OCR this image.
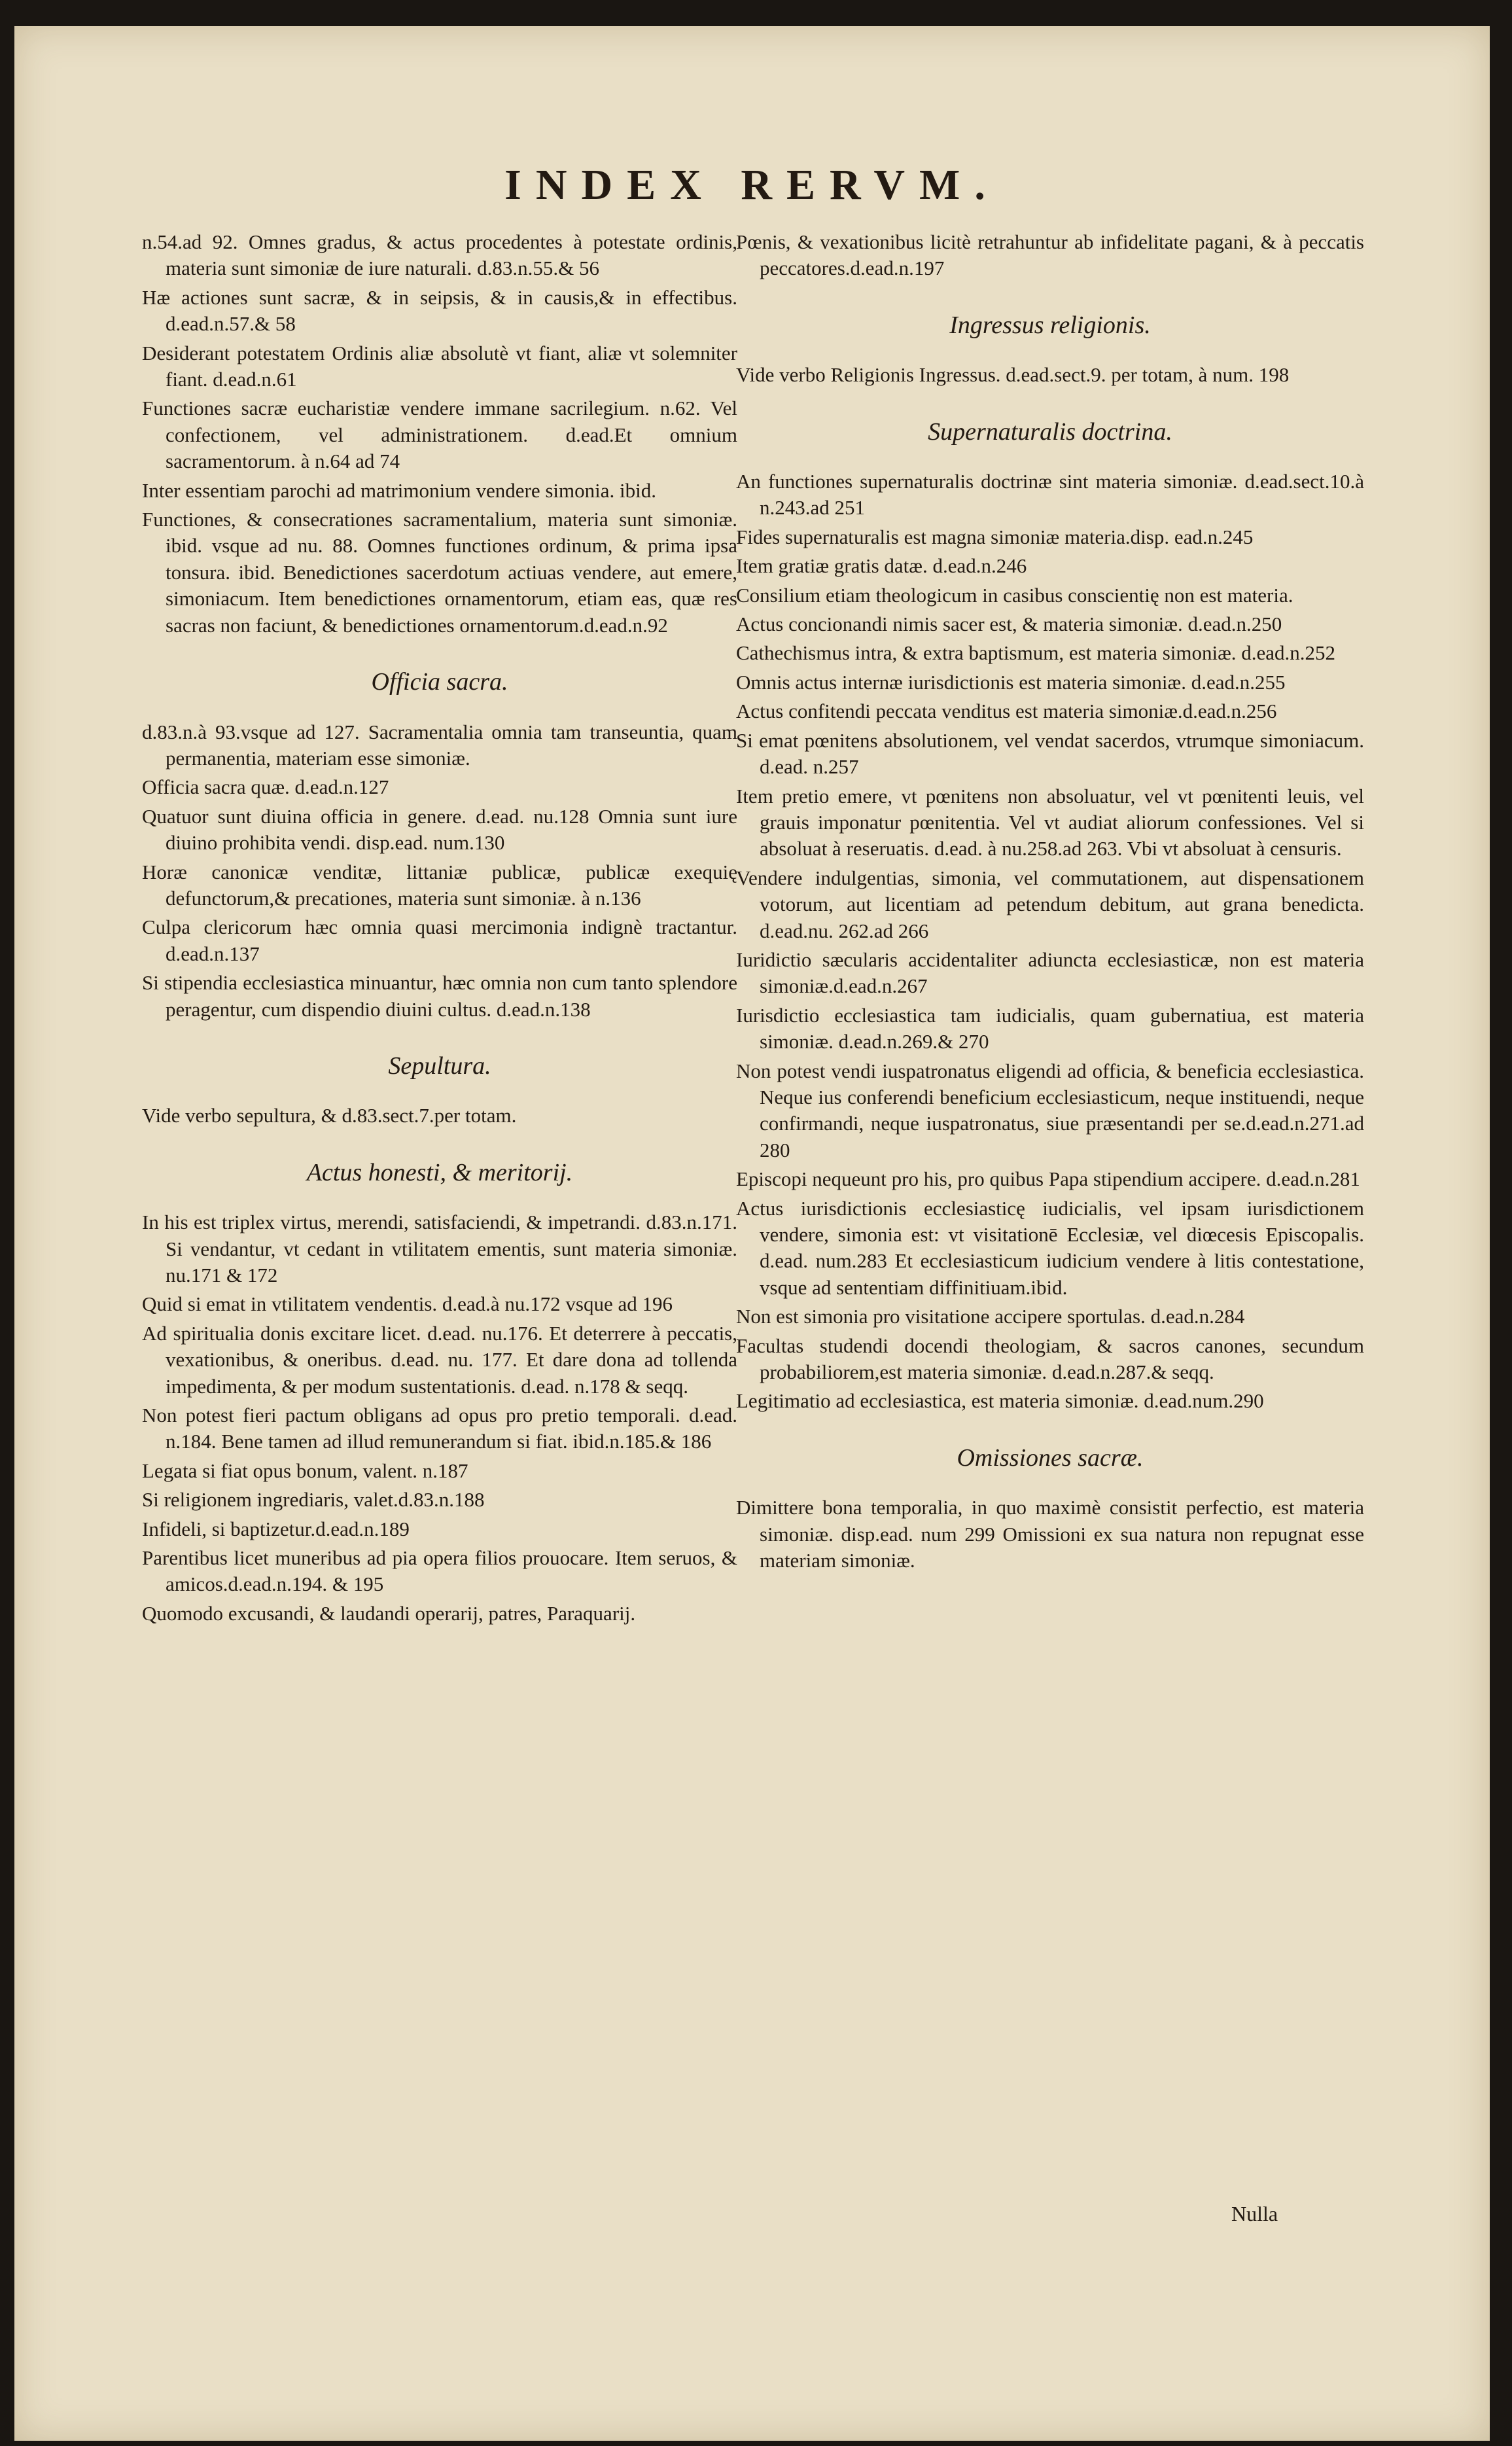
INDEX RERVM.

n.54.ad 92. Omnes gradus, & actus procedentes à potestate ordinis, materia sunt simoniæ de iure naturali. d.83.n.55.& 56

Hæ actiones sunt sacræ, & in seipsis, & in causis,& in effectibus. d.ead.n.57.& 58

Desiderant potestatem Ordinis aliæ absolutè vt fiant, aliæ vt solemniter fiant. d.ead.n.61

Functiones sacræ eucharistiæ vendere immane sacrilegium. n.62. Vel confectionem, vel administrationem. d.ead.Et omnium sacramentorum. à n.64 ad 74

Inter essentiam parochi ad matrimonium vendere simonia. ibid.

Functiones, & consecrationes sacramentalium, materia sunt simoniæ. ibid. vsque ad nu. 88. Oomnes functiones ordinum, & prima ipsa tonsura. ibid. Benedictiones sacerdotum actiuas vendere, aut emere, simoniacum. Item benedictiones ornamentorum, etiam eas, quæ res sacras non faciunt, & benedictiones ornamentorum.d.ead.n.92

Officia sacra.

d.83.n.à 93.vsque ad 127. Sacramentalia omnia tam transeuntia, quam permanentia, materiam esse simoniæ.

Officia sacra quæ. d.ead.n.127

Quatuor sunt diuina officia in genere. d.ead. nu.128 Omnia sunt iure diuino prohibita vendi. disp.ead. num.130

Horæ canonicæ venditæ, littaniæ publicæ, publicæ exequię defunctorum,& precationes, materia sunt simoniæ. à n.136

Culpa clericorum hæc omnia quasi mercimonia indignè tractantur. d.ead.n.137

Si stipendia ecclesiastica minuantur, hæc omnia non cum tanto splendore peragentur, cum dispendio diuini cultus. d.ead.n.138

Sepultura.

Vide verbo sepultura, & d.83.sect.7.per totam.

Actus honesti, & meritorij.

In his est triplex virtus, merendi, satisfaciendi, & impetrandi. d.83.n.171. Si vendantur, vt cedant in vtilitatem ementis, sunt materia simoniæ. nu.171 & 172

Quid si emat in vtilitatem vendentis. d.ead.à nu.172 vsque ad 196

Ad spiritualia donis excitare licet. d.ead. nu.176. Et deterrere à peccatis, vexationibus, & oneribus. d.ead. nu. 177. Et dare dona ad tollenda impedimenta, & per modum sustentationis. d.ead. n.178 & seqq.

Non potest fieri pactum obligans ad opus pro pretio temporali. d.ead. n.184. Bene tamen ad illud remunerandum si fiat. ibid.n.185.& 186

Legata si fiat opus bonum, valent. n.187

Si religionem ingrediaris, valet.d.83.n.188

Infideli, si baptizetur.d.ead.n.189

Parentibus licet muneribus ad pia opera filios prouocare. Item seruos, & amicos.d.ead.n.194. & 195

Quomodo excusandi, & laudandi operarij, patres, Paraquarij.

Pœnis, & vexationibus licitè retrahuntur ab infidelitate pagani, & à peccatis peccatores.d.ead.n.197

Ingressus religionis.

Vide verbo Religionis Ingressus. d.ead.sect.9. per totam, à num. 198

Supernaturalis doctrina.

An functiones supernaturalis doctrinæ sint materia simoniæ. d.ead.sect.10.à n.243.ad 251

Fides supernaturalis est magna simoniæ materia.disp. ead.n.245

Item gratiæ gratis datæ. d.ead.n.246

Consilium etiam theologicum in casibus conscientię non est materia.

Actus concionandi nimis sacer est, & materia simoniæ. d.ead.n.250

Cathechismus intra, & extra baptismum, est materia simoniæ. d.ead.n.252

Omnis actus internæ iurisdictionis est materia simoniæ. d.ead.n.255

Actus confitendi peccata venditus est materia simoniæ.d.ead.n.256

Si emat pœnitens absolutionem, vel vendat sacerdos, vtrumque simoniacum. d.ead. n.257

Item pretio emere, vt pœnitens non absoluatur, vel vt pœnitenti leuis, vel grauis imponatur pœnitentia. Vel vt audiat aliorum confessiones. Vel si absoluat à reseruatis. d.ead. à nu.258.ad 263. Vbi vt absoluat à censuris.

Vendere indulgentias, simonia, vel commutationem, aut dispensationem votorum, aut licentiam ad petendum debitum, aut grana benedicta. d.ead.nu. 262.ad 266

Iuridictio sæcularis accidentaliter adiuncta ecclesiasticæ, non est materia simoniæ.d.ead.n.267

Iurisdictio ecclesiastica tam iudicialis, quam gubernatiua, est materia simoniæ. d.ead.n.269.& 270

Non potest vendi iuspatronatus eligendi ad officia, & beneficia ecclesiastica. Neque ius conferendi beneficium ecclesiasticum, neque instituendi, neque confirmandi, neque iuspatronatus, siue præsentandi per se.d.ead.n.271.ad 280

Episcopi nequeunt pro his, pro quibus Papa stipendium accipere. d.ead.n.281

Actus iurisdictionis ecclesiasticę iudicialis, vel ipsam iurisdictionem vendere, simonia est: vt visitationē Ecclesiæ, vel diœcesis Episcopalis. d.ead. num.283 Et ecclesiasticum iudicium vendere à litis contestatione, vsque ad sententiam diffinitiuam.ibid.

Non est simonia pro visitatione accipere sportulas. d.ead.n.284

Facultas studendi docendi theologiam, & sacros canones, secundum probabiliorem,est materia simoniæ. d.ead.n.287.& seqq.

Legitimatio ad ecclesiastica, est materia simoniæ. d.ead.num.290

Omissiones sacræ.

Dimittere bona temporalia, in quo maximè consistit perfectio, est materia simoniæ. disp.ead. num 299 Omissioni ex sua natura non repugnat esse materiam simoniæ.

Nulla
